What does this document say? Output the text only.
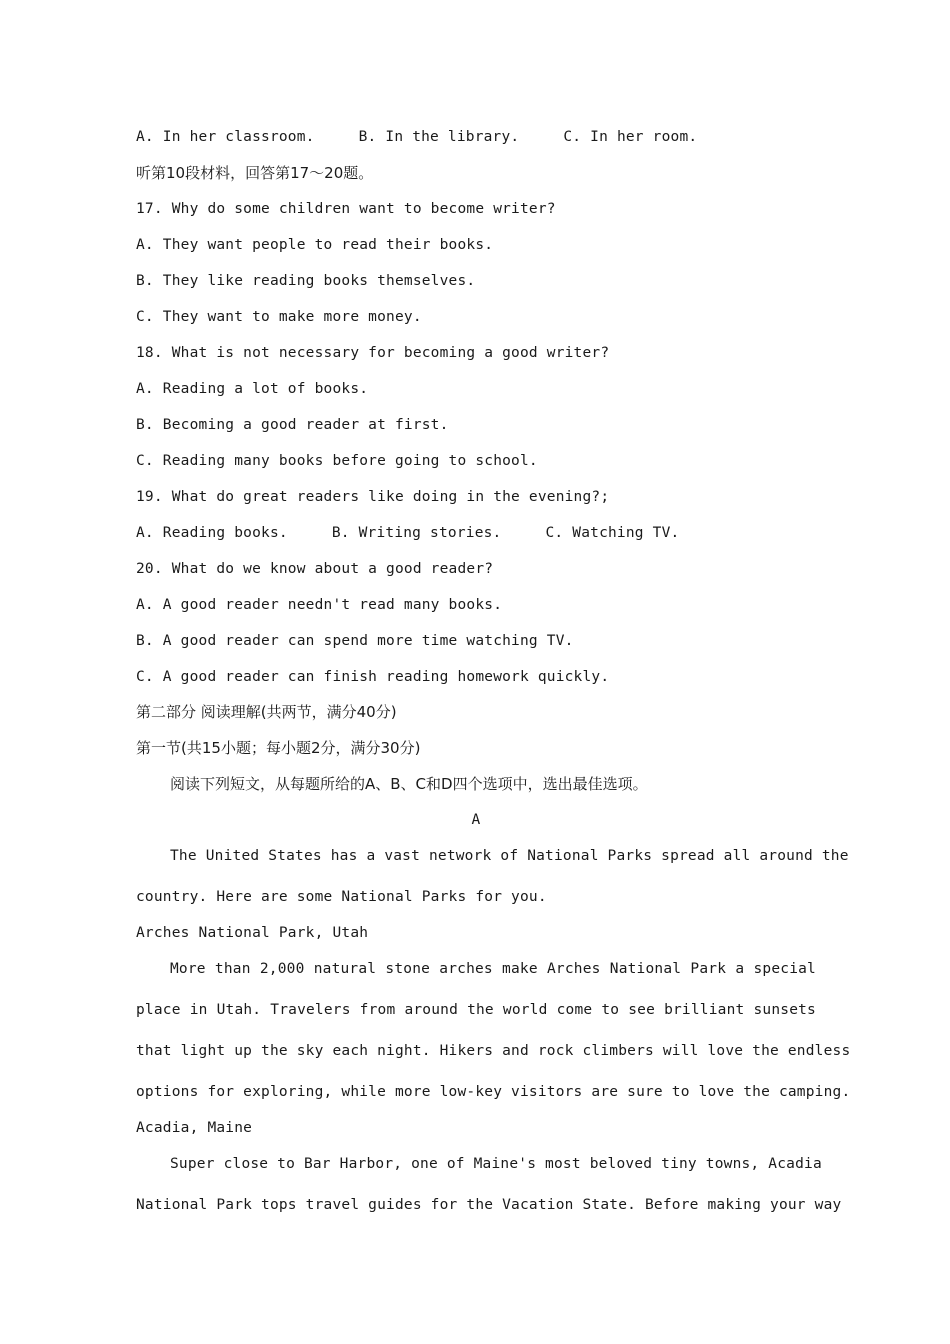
A. In her classroom.	B. In the library.	C. In her room.
听第10段材料，回答第17～20题。
17. Why do some children want to become writer?
A. They want people to read their books.
B. They like reading books themselves.
C. They want to make more money.
18. What is not necessary for becoming a good writer?
A. Reading a lot of books.
B. Becoming a good reader at first.
C. Reading many books before going to school.
19. What do great readers like doing in the evening?;
A. Reading books.	B. Writing stories.	C. Watching TV.
20. What do we know about a good reader?
A. A good reader needn't read many books.
B. A good reader can spend more time watching TV.
C. A good reader can finish reading homework quickly.
第二部分 阅读理解(共两节，满分40分)
第一节(共15小题；每小题2分，满分30分)
阅读下列短文，从每题所给的A、B、C和D四个选项中，选出最佳选项。
A
The United States has a vast network of National Parks spread all around the
country. Here are some National Parks for you.
Arches National Park, Utah
More than 2,000 natural stone arches make Arches National Park a special
place in Utah. Travelers from around the world come to see brilliant sunsets
that light up the sky each night. Hikers and rock climbers will love the endless
options for exploring, while more low-key visitors are sure to love the camping.
Acadia, Maine
Super close to Bar Harbor, one of Maine's most beloved tiny towns, Acadia
National Park tops travel guides for the Vacation State. Before making your way
